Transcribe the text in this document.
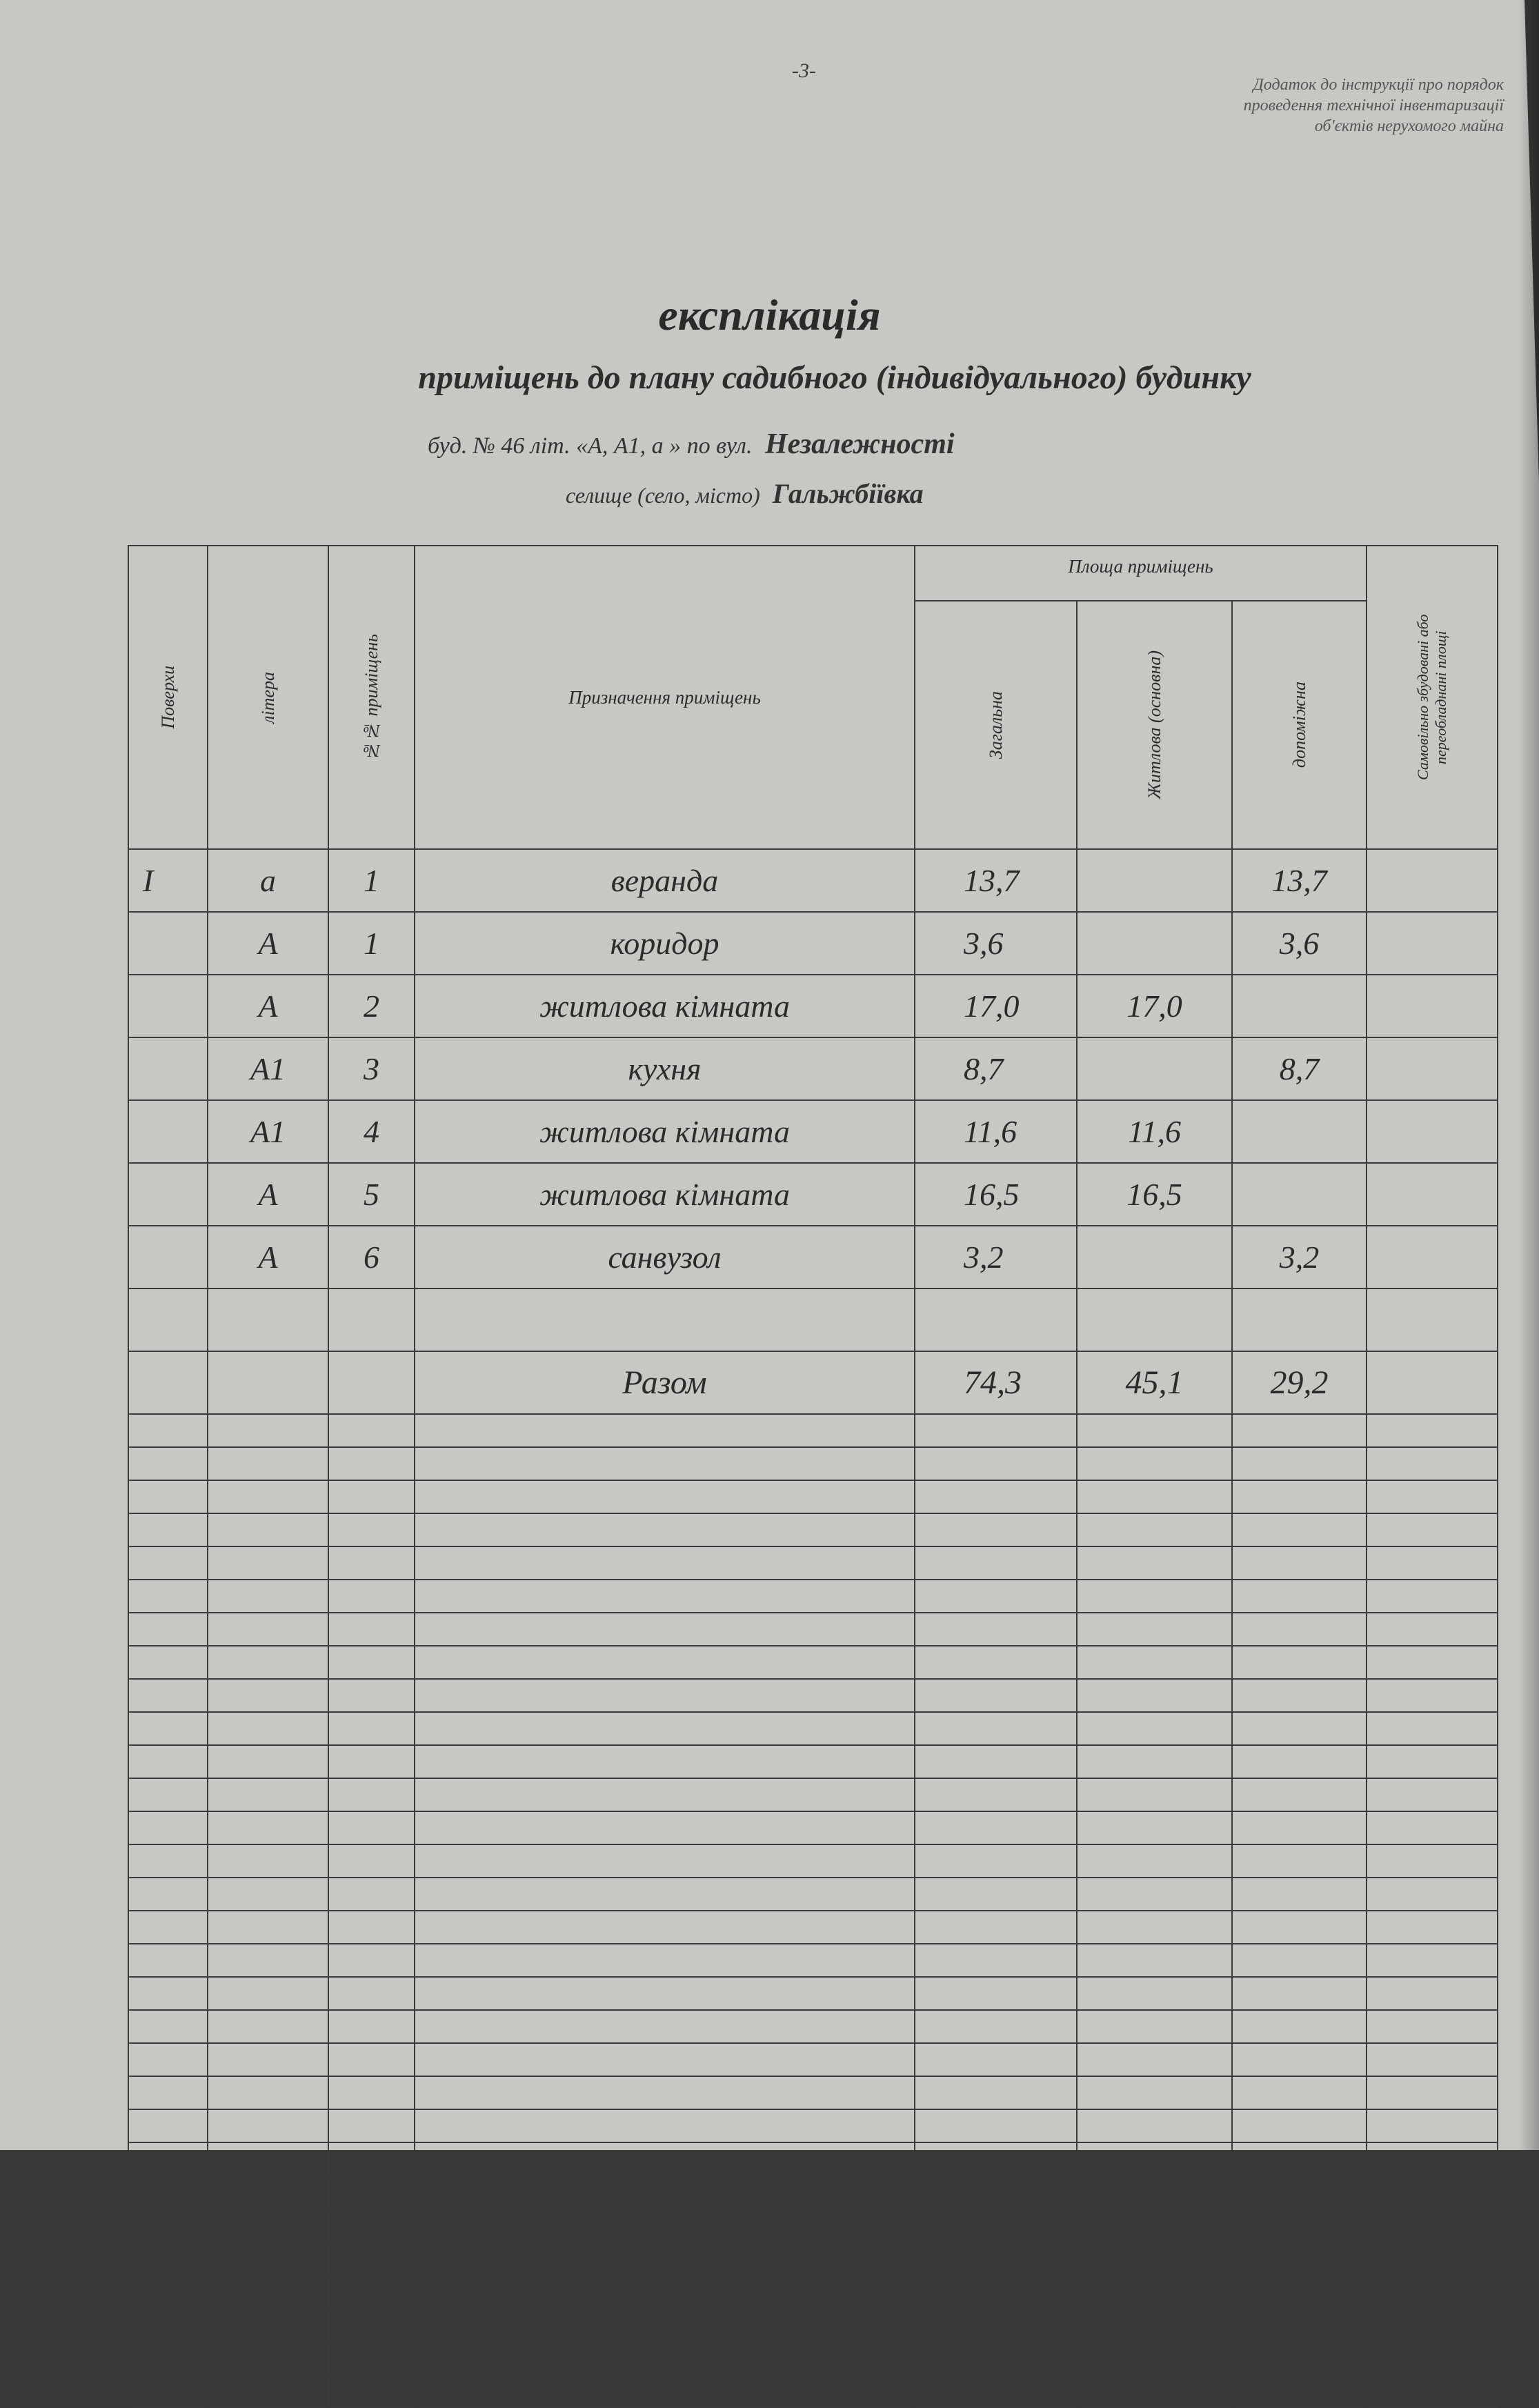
-3-
Додаток до інструкції про порядок
проведення технічної інвентаризації
об'єктів нерухомого майна
експлікація
приміщень до плану садибного (індивідуального) будинку
буд. № 46 літ. «А, А1, а » по вул. Незалежності
селище (село, місто) Гальжбіївка
Поверхи	літера	№№ приміщень	Призначення приміщень	Площа приміщень			Самовільно збудовані або переобладнані площі

				Загальна	Житлова (основна)	допоміжна	

I	а	1	веранда	13,7		13,7	
	А	1	коридор	3,6		3,6	
	А	2	житлова кімната	17,0	17,0		
	А1	3	кухня	8,7		8,7	
	А1	4	житлова кімната	11,6	11,6		
	А	5	житлова кімната	16,5	16,5		
	А	6	санвузол	3,2		3,2	

			Разом	74,3	45,1	29,2	
